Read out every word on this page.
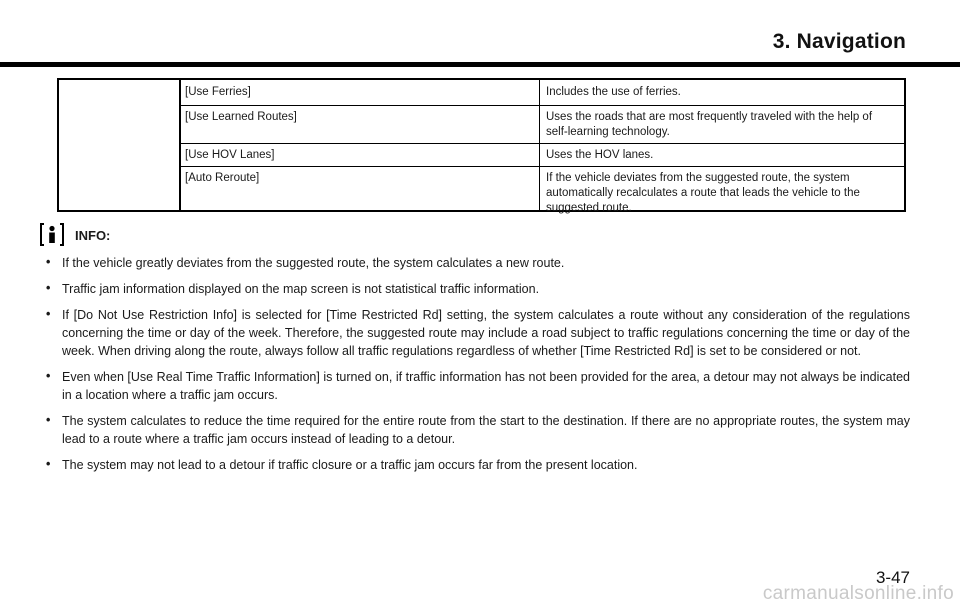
3. Navigation
[Use Ferries]	Includes the use of ferries.
[Use Learned Routes]	Uses the roads that are most frequently traveled with the help of self-learning technology.
[Use HOV Lanes]	Uses the HOV lanes.
[Auto Reroute]	If the vehicle deviates from the suggested route, the system automatically recalculates a route that leads the vehicle to the suggested route.
INFO:
• If the vehicle greatly deviates from the suggested route, the system calculates a new route.
• Traffic jam information displayed on the map screen is not statistical traffic information.
• If [Do Not Use Restriction Info] is selected for [Time Restricted Rd] setting, the system calculates a route without any consideration of the regulations concerning the time or day of the week. Therefore, the suggested route may include a road subject to traffic regulations concerning the time or day of the week. When driving along the route, always follow all traffic regulations regardless of whether [Time Restricted Rd] is set to be considered or not.
• Even when [Use Real Time Traffic Information] is turned on, if traffic information has not been provided for the area, a detour may not always be indicated in a location where a traffic jam occurs.
• The system calculates to reduce the time required for the entire route from the start to the destination. If there are no appropriate routes, the system may lead to a route where a traffic jam occurs instead of leading to a detour.
• The system may not lead to a detour if traffic closure or a traffic jam occurs far from the present location.
3-47
carmanualsonline.info
